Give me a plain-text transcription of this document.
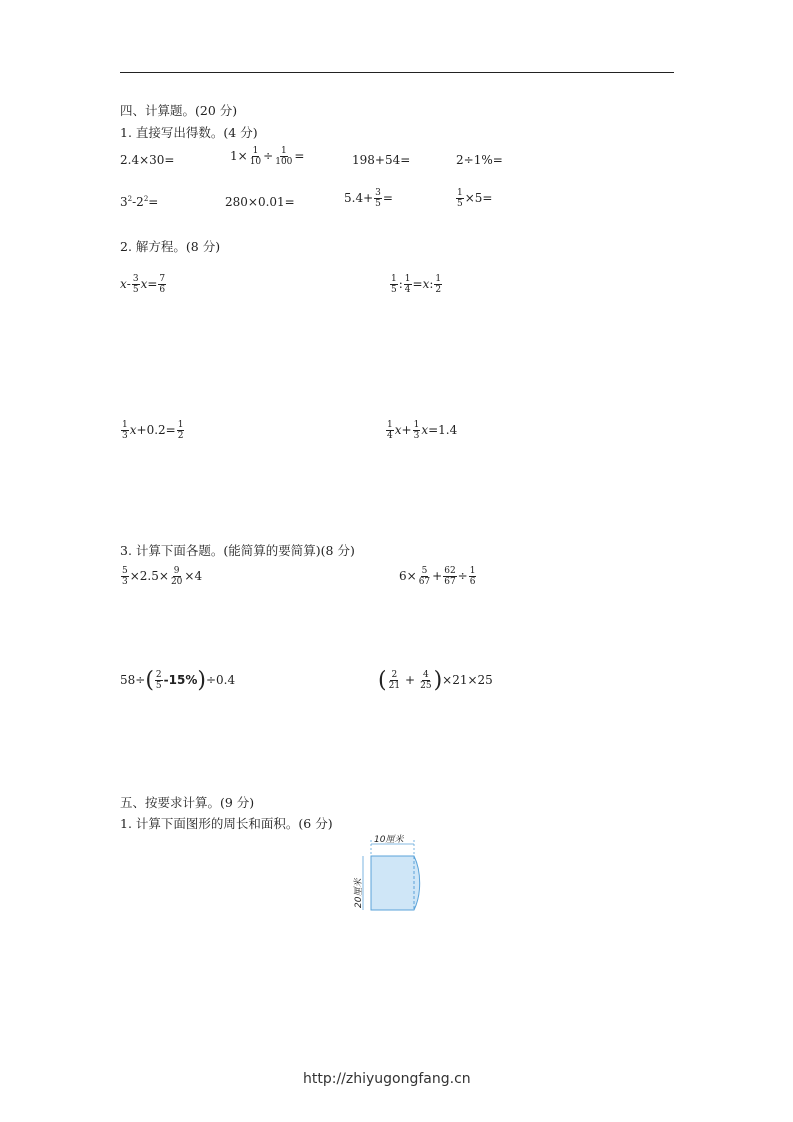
四、计算题。(20 分)
1. 直接写出得数。(4 分)
2.4×30=	$1\times \frac{1}{10} \div \frac{1}{100}$ =	198+54=	2÷1%=
$3^2-2^2=$	280×0.01=	$5.4+ \frac{3}{5}$ =	$\frac{1}{5} \times 5=$
2. 解方程。(8 分)
$x- \frac{3}{5} x= \frac{7}{6}$	$\frac{1}{5}$ : $\frac{1}{4} =x$: $\frac{1}{2}$
$\frac{1}{3} x+0.2= \frac{1}{2}$	$\frac{1}{4} x+ \frac{1}{3} x=1.4$
3. 计算下面各题。(能简算的要简算)(8 分)
$\frac{5}{3} \times 2.5\times \frac{9}{20} \times 4$	$6\times \frac{5}{67} + \frac{62}{67} \div \frac{1}{6}$
$58\div( \frac{2}{5} -15\%)\div 0.4$	( $\frac{2}{21} + \frac{4}{25} )\times 21\times 25$
五、按要求计算。(9 分)
1. 计算下面图形的周长和面积。(6 分)
10厘米
20厘米
http://zhiyugongfang.cn
